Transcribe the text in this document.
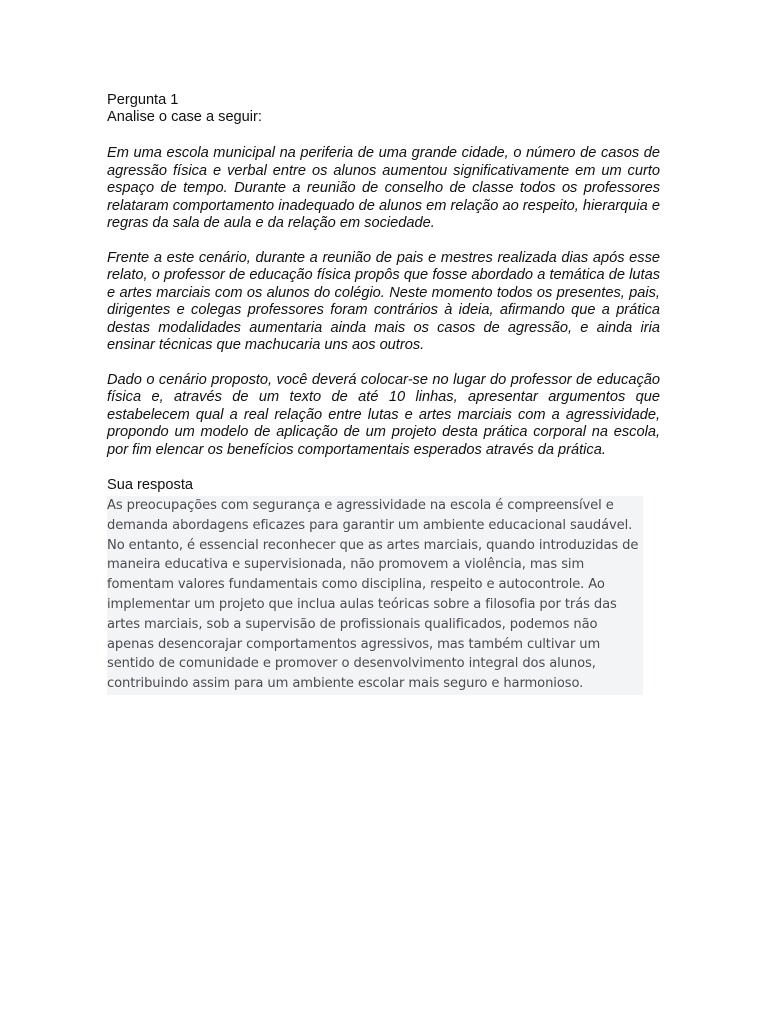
Pergunta 1

Analise o case a seguir:

Em uma escola municipal na periferia de uma grande cidade, o número de casos de agressão física e verbal entre os alunos aumentou significativamente em um curto espaço de tempo. Durante a reunião de conselho de classe todos os professores relataram comportamento inadequado de alunos em relação ao respeito, hierarquia e regras da sala de aula e da relação em sociedade.

Frente a este cenário, durante a reunião de pais e mestres realizada dias após esse relato, o professor de educação física propôs que fosse abordado a temática de lutas e artes marciais com os alunos do colégio. Neste momento todos os presentes, pais, dirigentes e colegas professores foram contrários à ideia, afirmando que a prática destas modalidades aumentaria ainda mais os casos de agressão, e ainda iria ensinar técnicas que machucaria uns aos outros.

Dado o cenário proposto, você deverá colocar-se no lugar do professor de educação física e, através de um texto de até 10 linhas, apresentar argumentos que estabelecem qual a real relação entre lutas e artes marciais com a agressividade, propondo um modelo de aplicação de um projeto desta prática corporal na escola, por fim elencar os benefícios comportamentais esperados através da prática.

Sua resposta

As preocupações com segurança e agressividade na escola é compreensível e demanda abordagens eficazes para garantir um ambiente educacional saudável. No entanto, é essencial reconhecer que as artes marciais, quando introduzidas de maneira educativa e supervisionada, não promovem a violência, mas sim fomentam valores fundamentais como disciplina, respeito e autocontrole. Ao implementar um projeto que inclua aulas teóricas sobre a filosofia por trás das artes marciais, sob a supervisão de profissionais qualificados, podemos não apenas desencorajar comportamentos agressivos, mas também cultivar um sentido de comunidade e promover o desenvolvimento integral dos alunos, contribuindo assim para um ambiente escolar mais seguro e harmonioso.
